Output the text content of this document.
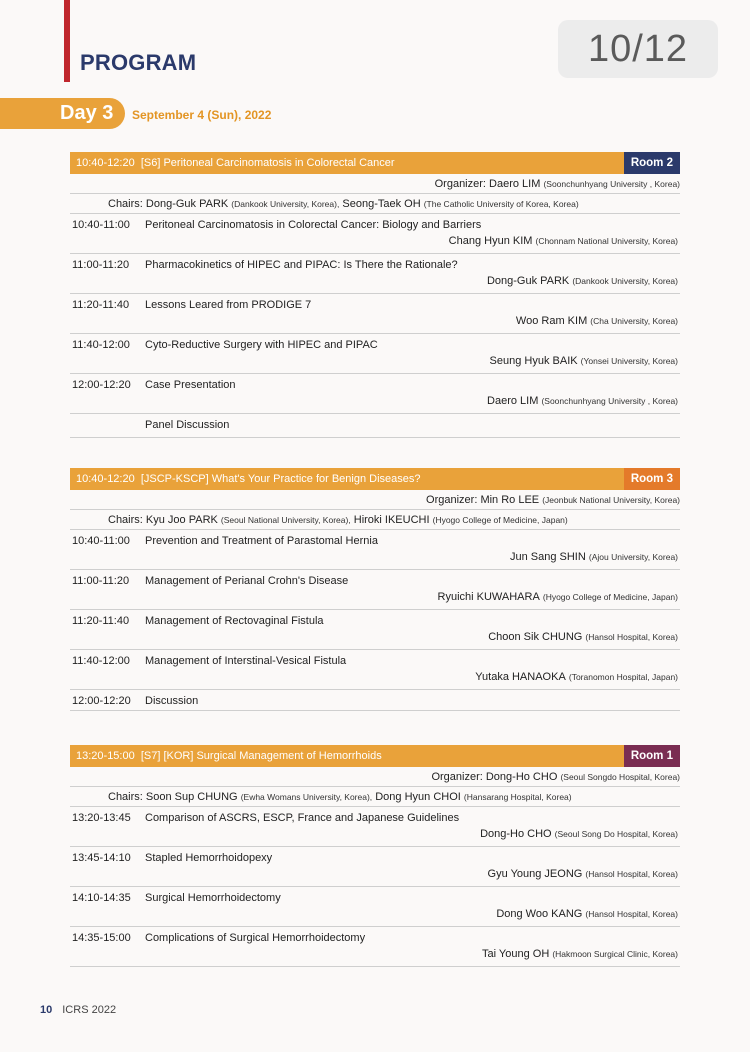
PROGRAM	10/12
Day 3 September 4 (Sun), 2022
10:40-12:20 [S6] Peritoneal Carcinomatosis in Colorectal Cancer	Room 2
Organizer:
Daero LIM
(Soonchunhyang University , Korea)
Chairs:
Dong-Guk PARK
(Dankook University, Korea),
Seong-Taek OH
(The Catholic University of Korea, Korea)
10:40-11:00 Peritoneal Carcinomatosis in Colorectal Cancer: Biology and Barriers
Chang Hyun KIM (Chonnam National University, Korea)
11:00-11:20 Pharmacokinetics of HIPEC and PIPAC: Is There the Rationale?
Dong-Guk PARK (Dankook University, Korea)
11:20-11:40 Lessons Leared from PRODIGE 7
Woo Ram KIM (Cha University, Korea)
11:40-12:00 Cyto-Reductive Surgery with HIPEC and PIPAC
Seung Hyuk BAIK (Yonsei University, Korea)
12:00-12:20 Case Presentation
Daero LIM (Soonchunhyang University , Korea)
Panel Discussion
10:40-12:20 [JSCP-KSCP] What's Your Practice for Benign Diseases?	Room 3
Organizer:
Min Ro LEE
(Jeonbuk National University, Korea)
Chairs:
Kyu Joo PARK
(Seoul National University, Korea),
Hiroki IKEUCHI
(Hyogo College of Medicine, Japan)
10:40-11:00 Prevention and Treatment of Parastomal Hernia
Jun Sang SHIN (Ajou University, Korea)
11:00-11:20 Management of Perianal Crohn's Disease
Ryuichi KUWAHARA (Hyogo College of Medicine, Japan)
11:20-11:40 Management of Rectovaginal Fistula
Choon Sik CHUNG (Hansol Hospital, Korea)
11:40-12:00 Management of Interstinal-Vesical Fistula
Yutaka HANAOKA (Toranomon Hospital, Japan)
12:00-12:20 Discussion
13:20-15:00 [S7] [KOR] Surgical Management of Hemorrhoids	Room 1
Organizer:
Dong-Ho CHO
(Seoul Songdo Hospital, Korea)
Chairs:
Soon Sup CHUNG
(Ewha Womans University, Korea),
Dong Hyun CHOI
(Hansarang Hospital, Korea)
13:20-13:45 Comparison of ASCRS, ESCP, France and Japanese Guidelines
Dong-Ho CHO (Seoul Song Do Hospital, Korea)
13:45-14:10 Stapled Hemorrhoidopexy
Gyu Young JEONG (Hansol Hospital, Korea)
14:10-14:35 Surgical Hemorrhoidectomy
Dong Woo KANG (Hansol Hospital, Korea)
14:35-15:00 Complications of Surgical Hemorrhoidectomy
Tai Young OH (Hakmoon Surgical Clinic, Korea)
10 ICRS 2022
